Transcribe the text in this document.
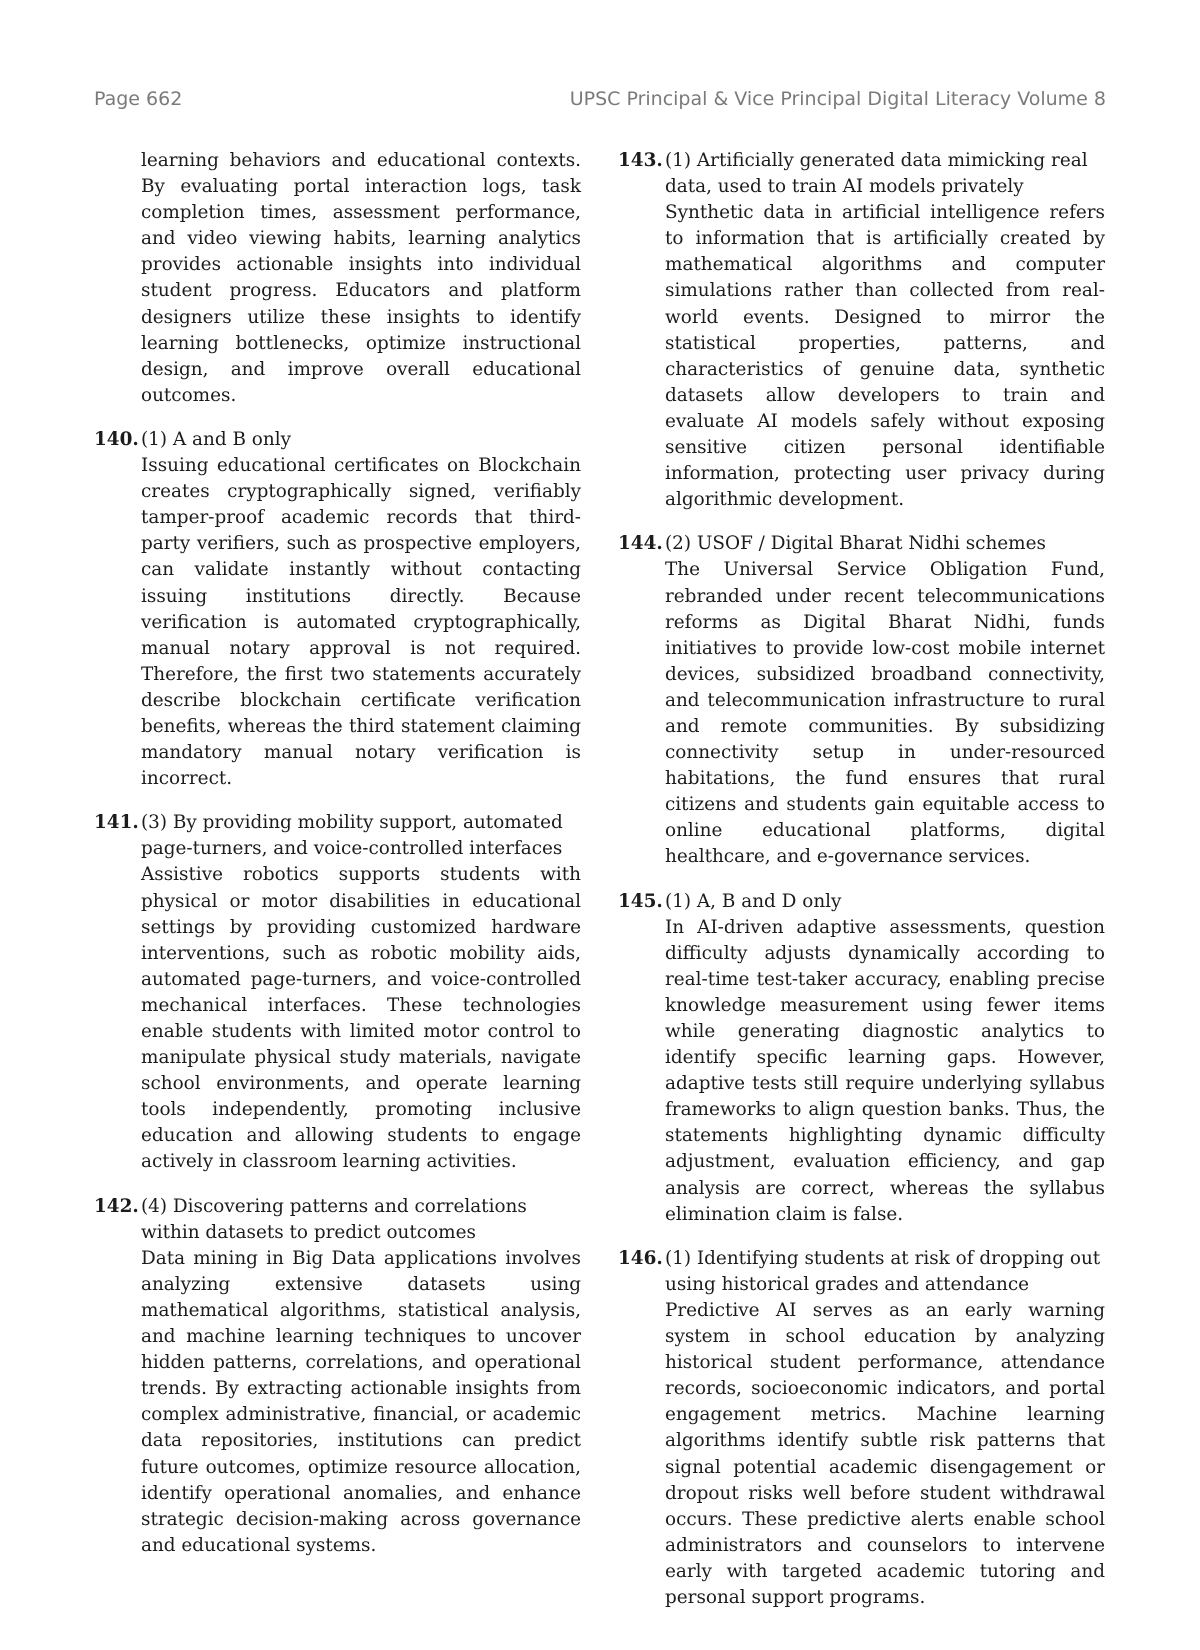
Page 662	UPSC Principal & Vice Principal Digital Literacy Volume 8
learning behaviors and educational contexts. By evaluating portal interaction logs, task completion times, assessment performance, and video viewing habits, learning analytics provides actionable insights into individual student progress. Educators and platform designers utilize these insights to identify learning bottlenecks, optimize instructional design, and improve overall educational outcomes.
140. (1) A and B only
Issuing educational certificates on Blockchain creates cryptographically signed, verifiably tamper-proof academic records that third-party verifiers, such as prospective employers, can validate instantly without contacting issuing institutions directly. Because verification is automated cryptographically, manual notary approval is not required. Therefore, the first two statements accurately describe blockchain certificate verification benefits, whereas the third statement claiming mandatory manual notary verification is incorrect.
141. (3) By providing mobility support, automated page-turners, and voice-controlled interfaces
Assistive robotics supports students with physical or motor disabilities in educational settings by providing customized hardware interventions, such as robotic mobility aids, automated page-turners, and voice-controlled mechanical interfaces. These technologies enable students with limited motor control to manipulate physical study materials, navigate school environments, and operate learning tools independently, promoting inclusive education and allowing students to engage actively in classroom learning activities.
142. (4) Discovering patterns and correlations within datasets to predict outcomes
Data mining in Big Data applications involves analyzing extensive datasets using mathematical algorithms, statistical analysis, and machine learning techniques to uncover hidden patterns, correlations, and operational trends. By extracting actionable insights from complex administrative, financial, or academic data repositories, institutions can predict future outcomes, optimize resource allocation, identify operational anomalies, and enhance strategic decision-making across governance and educational systems.
143. (1) Artificially generated data mimicking real data, used to train AI models privately
Synthetic data in artificial intelligence refers to information that is artificially created by mathematical algorithms and computer simulations rather than collected from real-world events. Designed to mirror the statistical properties, patterns, and characteristics of genuine data, synthetic datasets allow developers to train and evaluate AI models safely without exposing sensitive citizen personal identifiable information, protecting user privacy during algorithmic development.
144. (2) USOF / Digital Bharat Nidhi schemes
The Universal Service Obligation Fund, rebranded under recent telecommunications reforms as Digital Bharat Nidhi, funds initiatives to provide low-cost mobile internet devices, subsidized broadband connectivity, and telecommunication infrastructure to rural and remote communities. By subsidizing connectivity setup in under-resourced habitations, the fund ensures that rural citizens and students gain equitable access to online educational platforms, digital healthcare, and e-governance services.
145. (1) A, B and D only
In AI-driven adaptive assessments, question difficulty adjusts dynamically according to real-time test-taker accuracy, enabling precise knowledge measurement using fewer items while generating diagnostic analytics to identify specific learning gaps. However, adaptive tests still require underlying syllabus frameworks to align question banks. Thus, the statements highlighting dynamic difficulty adjustment, evaluation efficiency, and gap analysis are correct, whereas the syllabus elimination claim is false.
146. (1) Identifying students at risk of dropping out using historical grades and attendance
Predictive AI serves as an early warning system in school education by analyzing historical student performance, attendance records, socioeconomic indicators, and portal engagement metrics. Machine learning algorithms identify subtle risk patterns that signal potential academic disengagement or dropout risks well before student withdrawal occurs. These predictive alerts enable school administrators and counselors to intervene early with targeted academic tutoring and personal support programs.
